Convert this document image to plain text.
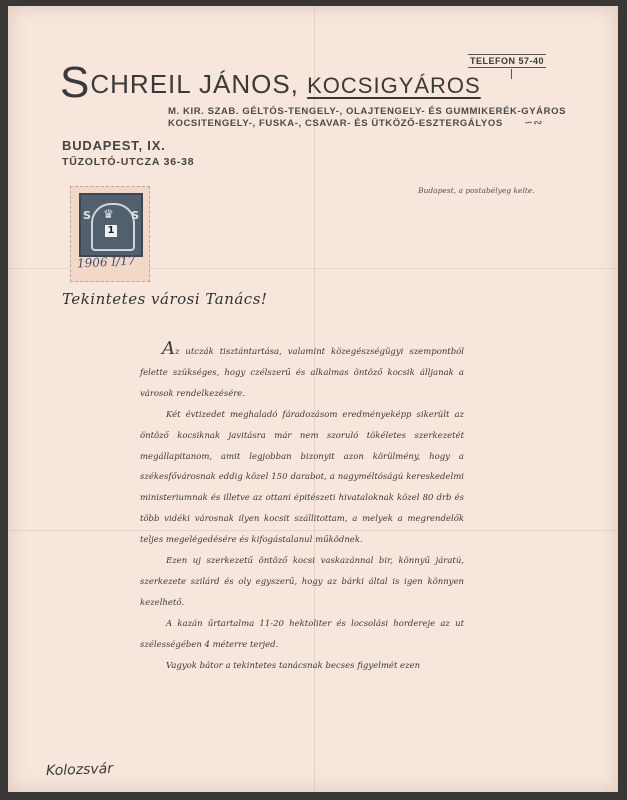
SCHREIL JÁNOS, KOCSIGYÁROS
TELEFON 57-40
M. KIR. SZAB. GÉLTÓS-TENGELY-, OLAJTENGELY- ÉS GUMMIKERÉK-GYÁROS
KOCSITENGELY-, FUSKA-, CSAVAR- ÉS ÜTKÖZŐ-ESZTERGÁLYOS ∽∾
BUDAPEST, IX.
TŰZOLTÓ-UTCZA 36-38
Budapest, a postabélyeg kelte.
♛
S	S
1
1906 I/17
Tekintetes városi Tanács!

Az utczák tisztántartása, valamint közegészségügyi szempontból felette szükséges, hogy czélszerű és alkalmas öntöző kocsik álljanak a városok rendelkezésére.

Két évtizedet meghaladó fáradozásom eredményeképp sikerült az öntöző kocsiknak javitásra már nem szoruló tökéletes szerkezetét megállapitanom, amit legjobban bizonyit azon körülmény, hogy a székesfővárosnak eddig közel 150 darabot, a nagyméltóságú kereskedelmi ministeriumnak és illetve az ottani épitészeti hivataloknak közel 80 drb és több vidéki városnak ilyen kocsit szállitottam, a melyek a megrendelők teljes megelégedésére és kifogástalanul működnek.

Ezen uj szerkezetű öntöző kocsi vaskazánnal bir, könnyű járatú, szerkezete szilárd és oly egyszerű, hogy az bárki által is igen könnyen kezelhető.

A kazán űrtartalma 11-20 hektoliter és locsolási hordereje az ut szélességében 4 méterre terjed.

Vagyok bátor a tekintetes tanácsnak becses figyelmét ezen

Kolozsvár
